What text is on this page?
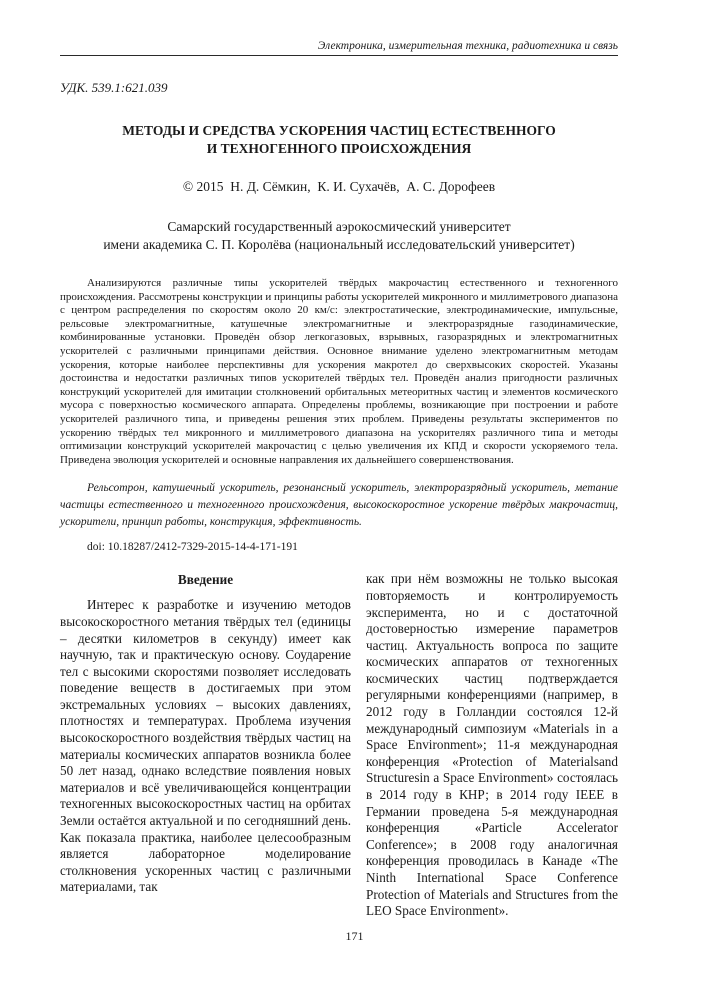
Электроника, измерительная техника, радиотехника и связь
УДК. 539.1:621.039
МЕТОДЫ И СРЕДСТВА УСКОРЕНИЯ ЧАСТИЦ ЕСТЕСТВЕННОГО
И ТЕХНОГЕННОГО ПРОИСХОЖДЕНИЯ
© 2015  Н. Д. Сёмкин,  К. И. Сухачёв,  А. С. Дорофеев
Самарский государственный аэрокосмический университет
имени академика С. П. Королёва (национальный исследовательский университет)
Анализируются различные типы ускорителей твёрдых макрочастиц естественного и техногенного происхождения. Рассмотрены конструкции и принципы работы ускорителей микронного и миллиметрового диапазона с центром распределения по скоростям около 20 км/с: электростатические, электродинамические, импульсные, рельсовые электромагнитные, катушечные электромагнитные и электроразрядные газодинамические, комбинированные установки. Проведён обзор легкогазовых, взрывных, газоразрядных и электромагнитных ускорителей с различными принципами действия. Основное внимание уделено электромагнитным методам ускорения, которые наиболее перспективны для ускорения макротел до сверхвысоких скоростей. Указаны достоинства и недостатки различных типов ускорителей твёрдых тел. Проведён анализ пригодности различных конструкций ускорителей для имитации столкновений орбитальных метеоритных частиц и элементов космического мусора с поверхностью космического аппарата. Определены проблемы, возникающие при построении и работе ускорителей различного типа, и приведены решения этих проблем. Приведены результаты экспериментов по ускорению твёрдых тел микронного и миллиметрового диапазона на ускорителях различного типа и методы оптимизации конструкций ускорителей макрочастиц с целью увеличения их КПД и скорости ускоряемого тела. Приведена эволюция ускорителей и основные направления их дальнейшего совершенствования.
Рельсотрон, катушечный ускоритель, резонансный ускоритель, электроразрядный ускоритель, метание частицы естественного и техногенного происхождения, высокоскоростное ускорение твёрдых макрочастиц, ускорители, принцип работы, конструкция, эффективность.
doi: 10.18287/2412-7329-2015-14-4-171-191
Введение
Интерес к разработке и изучению методов высокоскоростного метания твёрдых тел (единицы – десятки километров в секунду) имеет как научную, так и практическую основу. Соударение тел с высокими скоростями позволяет исследовать поведение веществ в достигаемых при этом экстремальных условиях – высоких давлениях, плотностях и температурах. Проблема изучения высокоскоростного воздействия твёрдых частиц на материалы космических аппаратов возникла более 50 лет назад, однако вследствие появления новых материалов и всё увеличивающейся концентрации техногенных высокоскоростных частиц на орбитах Земли остаётся актуальной и по сегодняшний день. Как показала практика, наиболее целесообразным является лабораторное моделирование столкновения ускоренных частиц с различными материалами, так
как при нём возможны не только высокая повторяемость и контролируемость эксперимента, но и с достаточной достоверностью измерение параметров частиц. Актуальность вопроса по защите космических аппаратов от техногенных космических частиц подтверждается регулярными конференциями (например, в 2012 году в Голландии состоялся 12-й международный симпозиум «Materials in a Space Environment»; 11-я международная конференция «Protection of Materialsand Structuresin a Space Environment» состоялась в 2014 году в КНР; в 2014 году IEEE в Германии проведена 5-я международная конференция «Particle Accelerator Conference»; в 2008 году аналогичная конференция проводилась в Канаде «The Ninth International Space Conference Protection of Materials and Structures from the LEO Space Environment».
171
